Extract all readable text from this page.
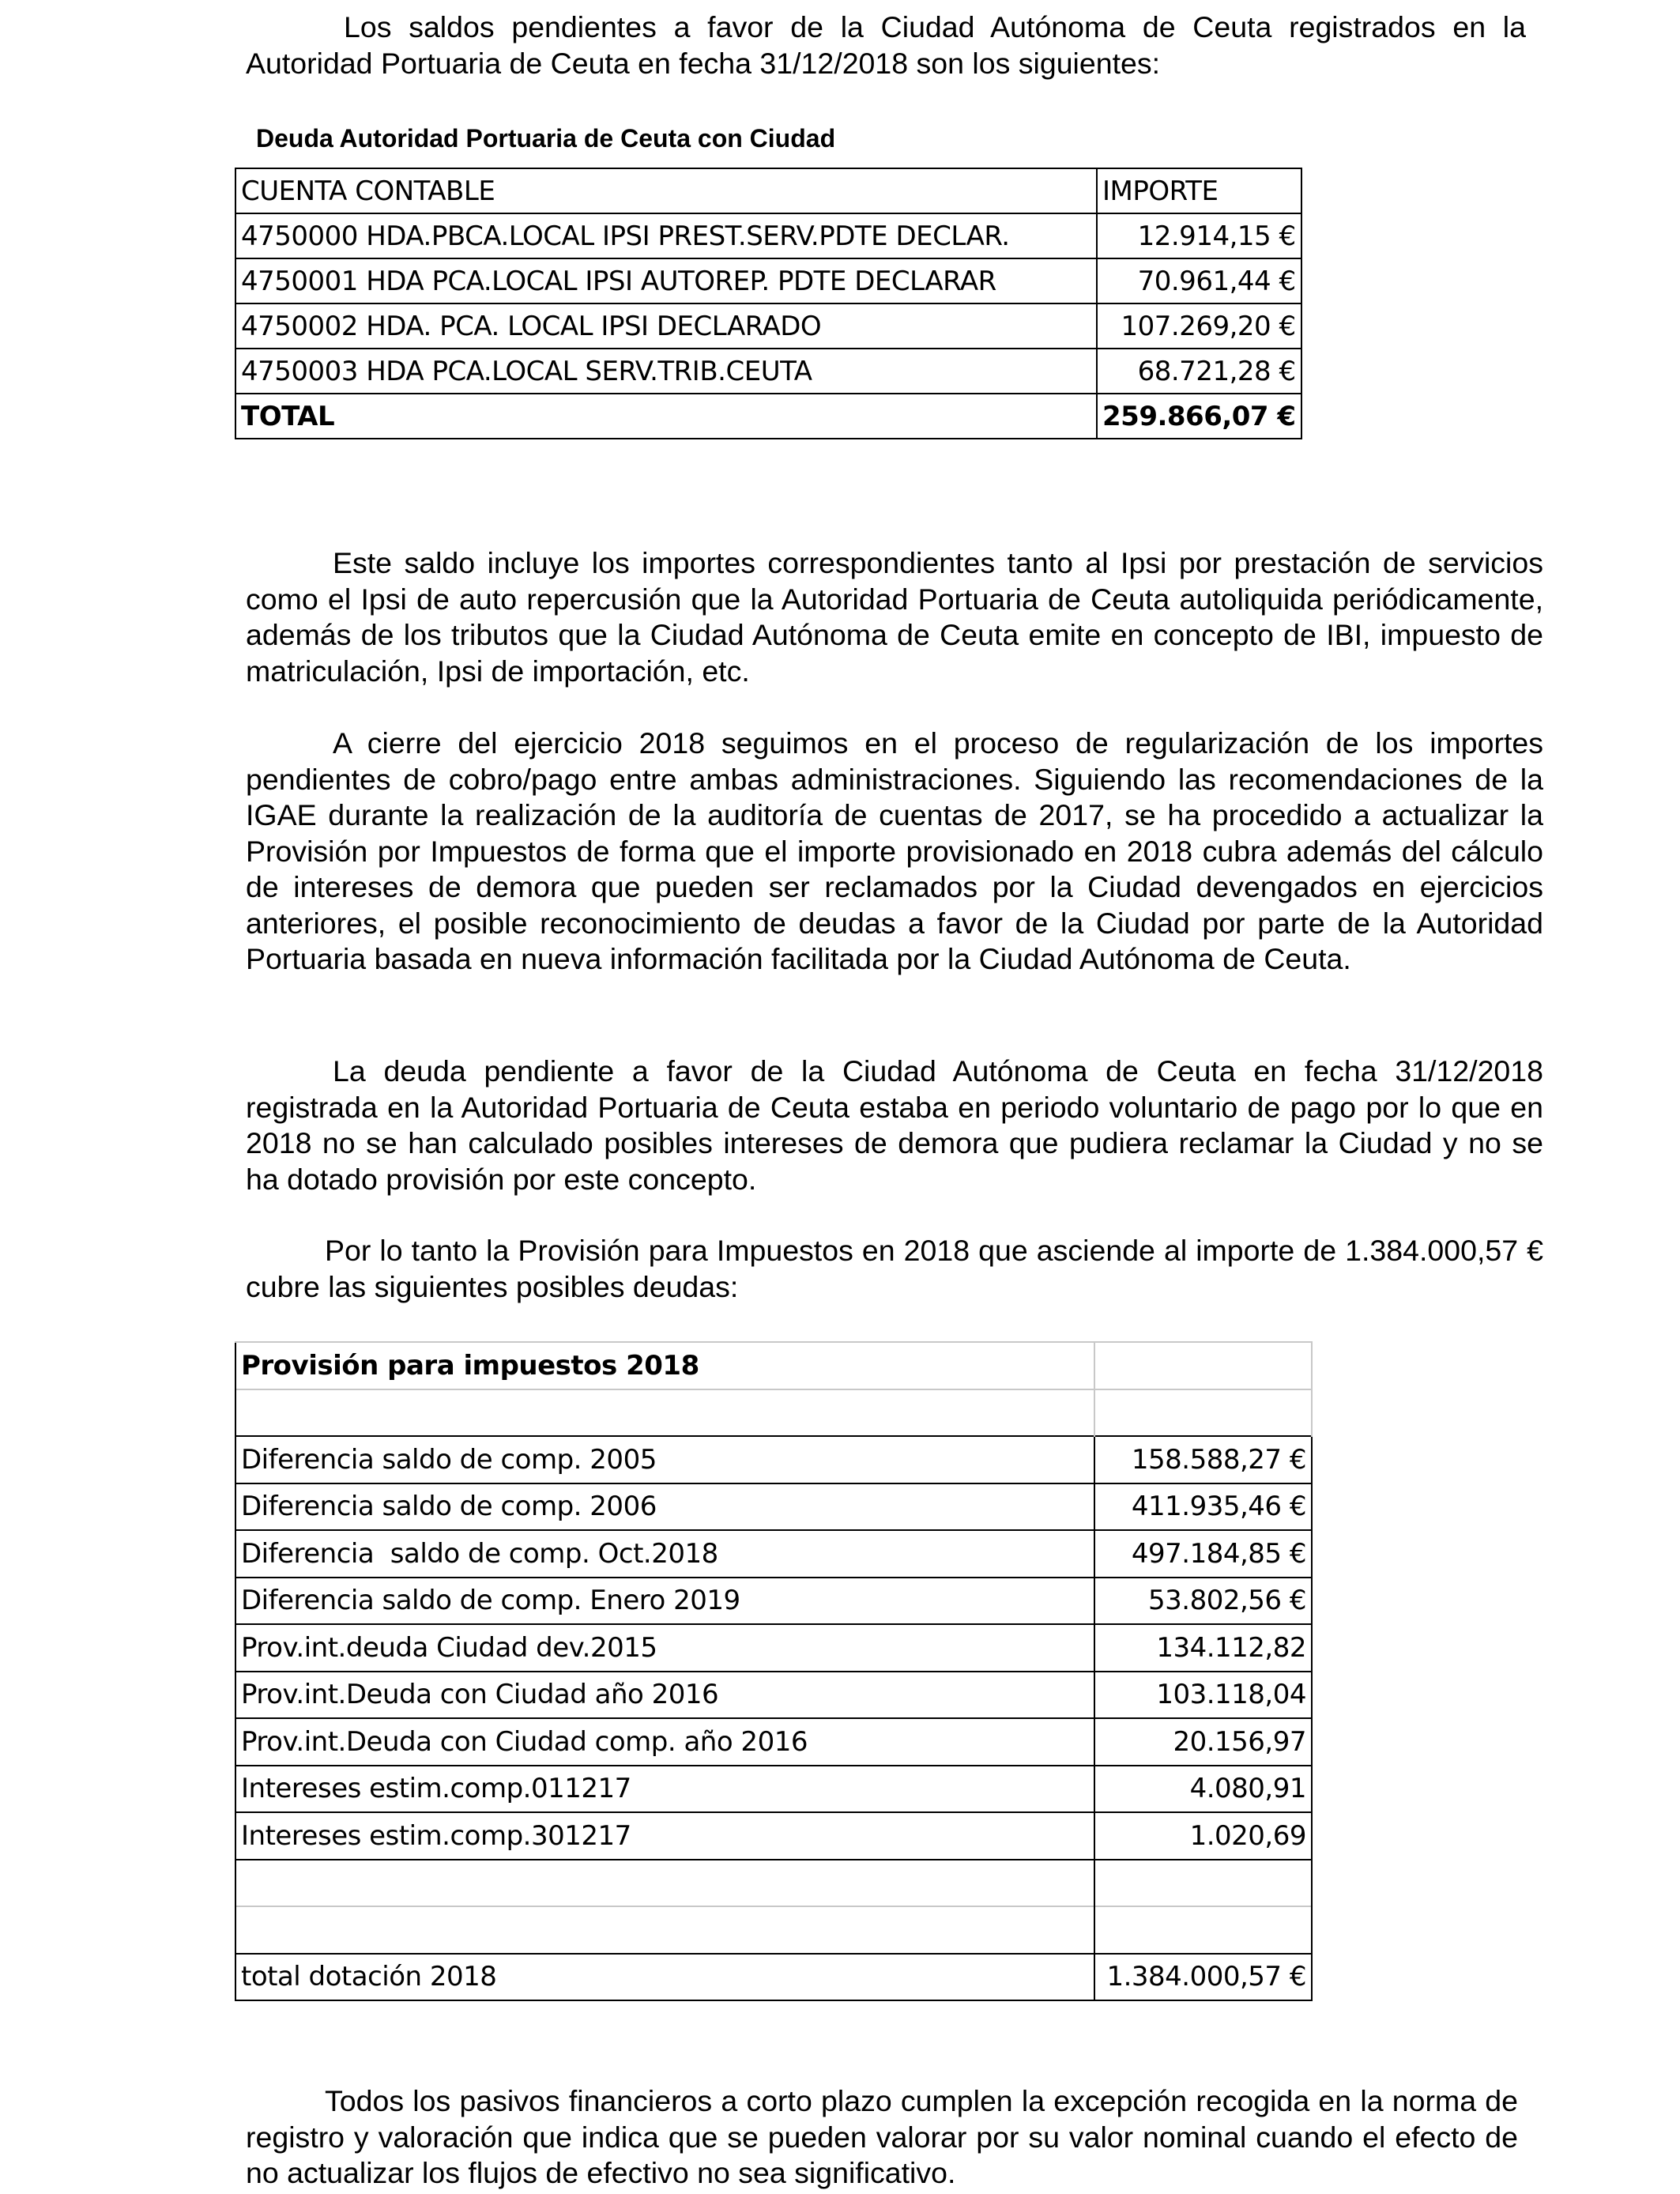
Los saldos pendientes a favor de la Ciudad Autónoma de Ceuta registrados en la Autoridad Portuaria de Ceuta en fecha 31/12/2018 son los siguientes:

Deuda Autoridad Portuaria de Ceuta con Ciudad
CUENTA CONTABLE	IMPORTE
4750000 HDA.PBCA.LOCAL IPSI PREST.SERV.PDTE DECLAR.	12.914,15 €
4750001 HDA PCA.LOCAL IPSI AUTOREP. PDTE DECLARAR	70.961,44 €
4750002 HDA. PCA. LOCAL IPSI DECLARADO	107.269,20 €
4750003 HDA PCA.LOCAL SERV.TRIB.CEUTA	68.721,28 €
TOTAL	259.866,07 €

Este saldo incluye los importes correspondientes tanto al Ipsi por prestación de servicios como el Ipsi de auto repercusión que la Autoridad Portuaria de Ceuta autoliquida periódicamente, además de los tributos que la Ciudad Autónoma de Ceuta emite en concepto de IBI, impuesto de matriculación, Ipsi de importación, etc.

A cierre del ejercicio 2018 seguimos en el proceso de regularización de los importes pendientes de cobro/pago entre ambas administraciones. Siguiendo las recomendaciones de la IGAE durante la realización de la auditoría de cuentas de 2017, se ha procedido a actualizar la Provisión por Impuestos de forma que el importe provisionado en 2018 cubra además del cálculo de intereses de demora que pueden ser reclamados por la Ciudad devengados en ejercicios anteriores, el posible reconocimiento de deudas a favor de la Ciudad por parte de la Autoridad Portuaria basada en nueva información facilitada por la Ciudad Autónoma de Ceuta.

La deuda pendiente a favor de la Ciudad Autónoma de Ceuta en fecha 31/12/2018 registrada en la Autoridad Portuaria de Ceuta estaba en periodo voluntario de pago por lo que en 2018 no se han calculado posibles intereses de demora que pudiera reclamar la Ciudad y no se ha dotado provisión por este concepto.

Por lo tanto la Provisión para Impuestos en 2018 que asciende al importe de 1.384.000,57 € cubre las siguientes posibles deudas:

Provisión para impuestos 2018	

Diferencia saldo de comp. 2005	158.588,27 €
Diferencia saldo de comp. 2006	411.935,46 €
Diferencia  saldo de comp. Oct.2018	497.184,85 €
Diferencia saldo de comp. Enero 2019	53.802,56 €
Prov.int.deuda Ciudad dev.2015	134.112,82
Prov.int.Deuda con Ciudad año 2016	103.118,04
Prov.int.Deuda con Ciudad comp. año 2016	20.156,97
Intereses estim.comp.011217	4.080,91
Intereses estim.comp.301217	1.020,69

total dotación 2018	1.384.000,57 €

Todos los pasivos financieros a corto plazo cumplen la excepción recogida en la norma de registro y valoración que indica que se pueden valorar por su valor nominal cuando el efecto de no actualizar los flujos de efectivo no sea significativo.
